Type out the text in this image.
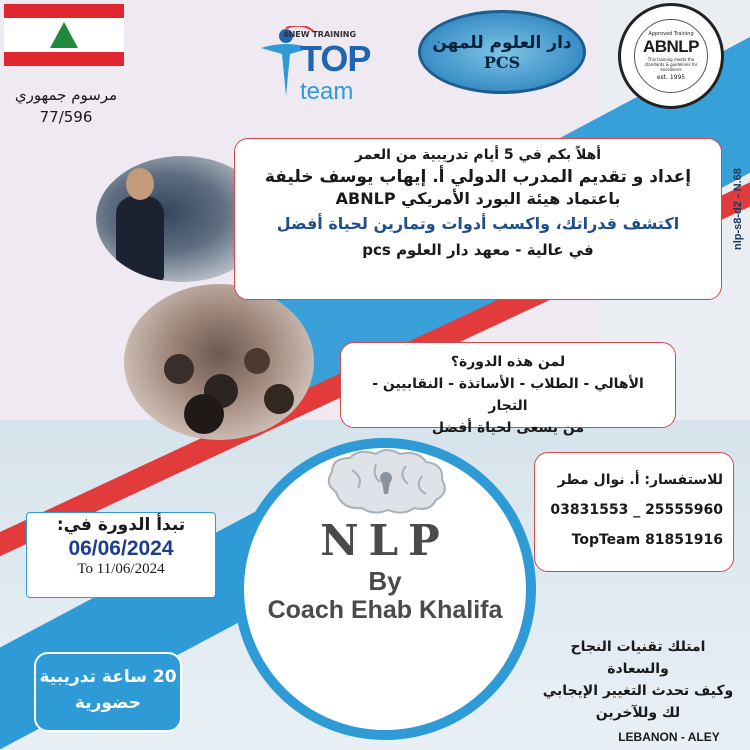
مرسوم جمهوري
77/596
4NEW TRAINING
TOP
team
دار العلوم للمهن
PCS
Approved Training
ABNLP
This training meets the standards & guidelines for excellence
est. 1995
nlp-s8-d2 - N.68
أهلاً بكم في 5 أيام تدريبية من العمر
إعداد و تقديم المدرب الدولي أ. إيهاب يوسف خليفة
باعتماد هيئة البورد الأمريكي ABNLP
اكتشف قدراتك، واكسب أدوات وتمارين لحياة أفضل
في عالية - معهد دار العلوم pcs
لمن هذه الدورة؟
الأهالي - الطلاب - الأساتذة - النقابيين - التجار
من يسعى لحياة أفضل
للاستفسار: أ. نوال مطر
03831553 _ 25555960
TopTeam 81851916
NLP
By
Coach Ehab Khalifa
تبدأ الدورة في:
06/06/2024
To 11/06/2024
20 ساعة تدريبية
حضورية
امتلك تقنيات النجاح والسعادة
وكيف تحدث التغيير الإيجابي
لك وللآخرين
LEBANON - ALEY
